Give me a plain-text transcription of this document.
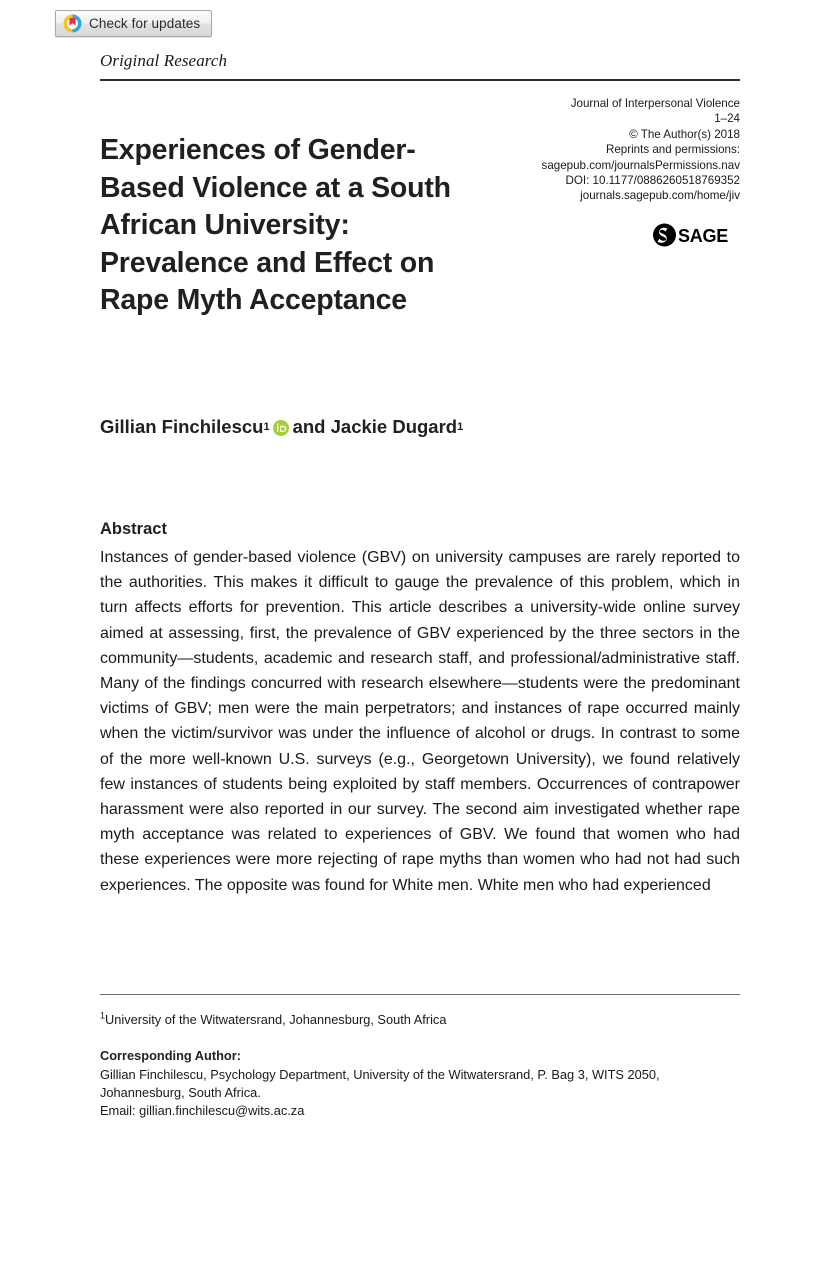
Check for updates
Original Research
Journal of Interpersonal Violence
1–24
© The Author(s) 2018
Reprints and permissions:
sagepub.com/journalsPermissions.nav
DOI: 10.1177/0886260518769352
journals.sagepub.com/home/jiv
SAGE
Experiences of Gender-Based Violence at a South African University: Prevalence and Effect on Rape Myth Acceptance
Gillian Finchilescu 1 and
Jackie Dugard 1
Abstract
Instances of gender-based violence (GBV) on university campuses are rarely reported to the authorities. This makes it difficult to gauge the prevalence of this problem, which in turn affects efforts for prevention. This article describes a university-wide online survey aimed at assessing, first, the prevalence of GBV experienced by the three sectors in the community—students, academic and research staff, and professional/administrative staff. Many of the findings concurred with research elsewhere—students were the predominant victims of GBV; men were the main perpetrators; and instances of rape occurred mainly when the victim/survivor was under the influence of alcohol or drugs. In contrast to some of the more well-known U.S. surveys (e.g., Georgetown University), we found relatively few instances of students being exploited by staff members. Occurrences of contrapower harassment were also reported in our survey. The second aim investigated whether rape myth acceptance was related to experiences of GBV. We found that women who had these experiences were more rejecting of rape myths than women who had not had such experiences. The opposite was found for White men. White men who had experienced
$^1$University of the Witwatersrand, Johannesburg, South Africa
Corresponding Author:
Gillian Finchilescu, Psychology Department, University of the Witwatersrand, P. Bag 3, WITS 2050, Johannesburg, South Africa.
Email: gillian.finchilescu@wits.ac.za
